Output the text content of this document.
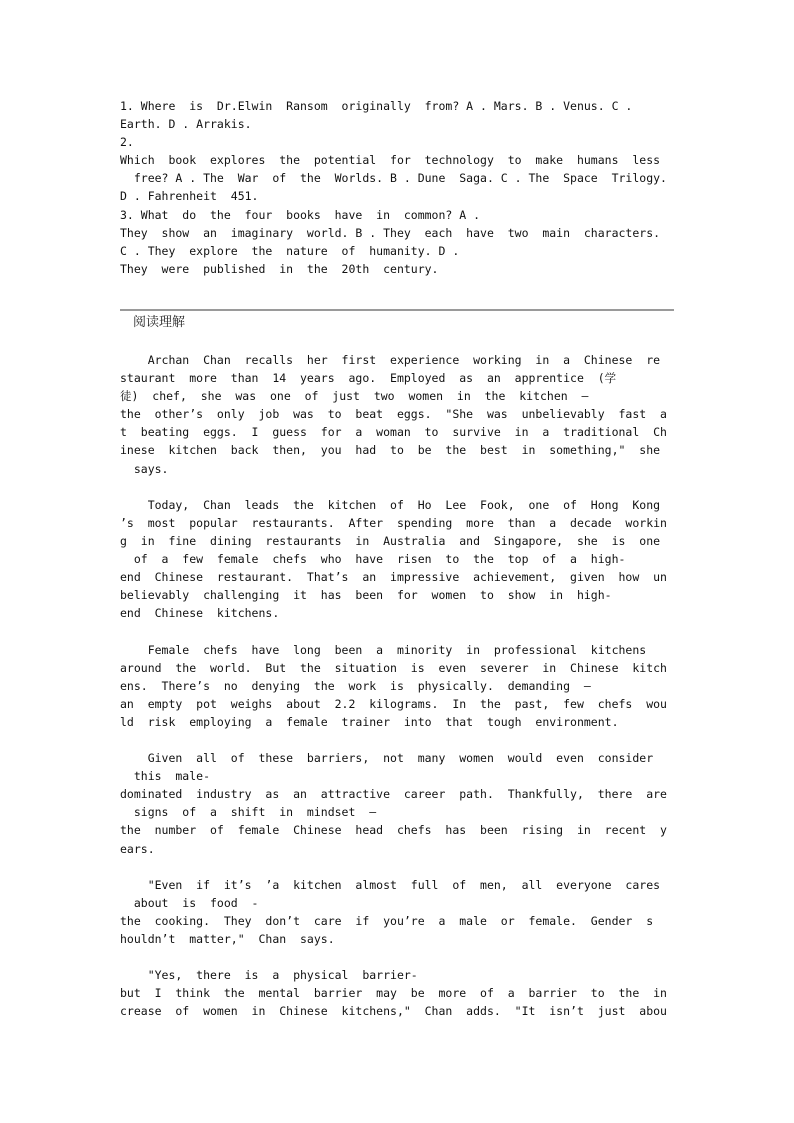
1. Where  is  Dr.Elwin  Ransom  originally  from? A . Mars. B . Venus. C .
Earth. D . Arrakis.
2.
Which  book  explores  the  potential  for  technology  to  make  humans  less
free? A . The  War  of  the  Worlds. B . Dune  Saga. C . The  Space  Trilogy.
D . Fahrenheit  451.
3. What  do  the  four  books  have  in  common? A .
They  show  an  imaginary  world. B . They  each  have  two  main  characters.
C . They  explore  the  nature  of  humanity. D .
They  were  published  in  the  20th  century.
阅读理解
Archan  Chan  recalls  her  first  experience  working  in  a  Chinese  re
staurant  more  than  14  years  ago.  Employed  as  an  apprentice  (学
徒)  chef,  she  was  one  of  just  two  women  in  the  kitchen  —
the  other’s  only  job  was  to  beat  eggs.  "She  was  unbelievably  fast  a
t  beating  eggs.  I  guess  for  a  woman  to  survive  in  a  traditional  Ch
inese  kitchen  back  then,  you  had  to  be  the  best  in  something,"  she
says.
Today,  Chan  leads  the  kitchen  of  Ho  Lee  Fook,  one  of  Hong  Kong
’s  most  popular  restaurants.  After  spending  more  than  a  decade  workin
g  in  fine  dining  restaurants  in  Australia  and  Singapore,  she  is  one
of  a  few  female  chefs  who  have  risen  to  the  top  of  a  high-
end  Chinese  restaurant.  That’s  an  impressive  achievement,  given  how  un
believably  challenging  it  has  been  for  women  to  show  in  high-
end  Chinese  kitchens.
Female  chefs  have  long  been  a  minority  in  professional  kitchens
around  the  world.  But  the  situation  is  even  severer  in  Chinese  kitch
ens.  There’s  no  denying  the  work  is  physically.  demanding  —
an  empty  pot  weighs  about  2.2  kilograms.  In  the  past,  few  chefs  wou
ld  risk  employing  a  female  trainer  into  that  tough  environment.
Given  all  of  these  barriers,  not  many  women  would  even  consider
this  male-
dominated  industry  as  an  attractive  career  path.  Thankfully,  there  are
signs  of  a  shift  in  mindset  —
the  number  of  female  Chinese  head  chefs  has  been  rising  in  recent  y
ears.
"Even  if  it’s  ’a  kitchen  almost  full  of  men,  all  everyone  cares
about  is  food  -
the  cooking.  They  don’t  care  if  you’re  a  male  or  female.  Gender  s
houldn’t  matter,"  Chan  says.
"Yes,  there  is  a  physical  barrier-
but  I  think  the  mental  barrier  may  be  more  of  a  barrier  to  the  in
crease  of  women  in  Chinese  kitchens,"  Chan  adds.  "It  isn’t  just  abou
